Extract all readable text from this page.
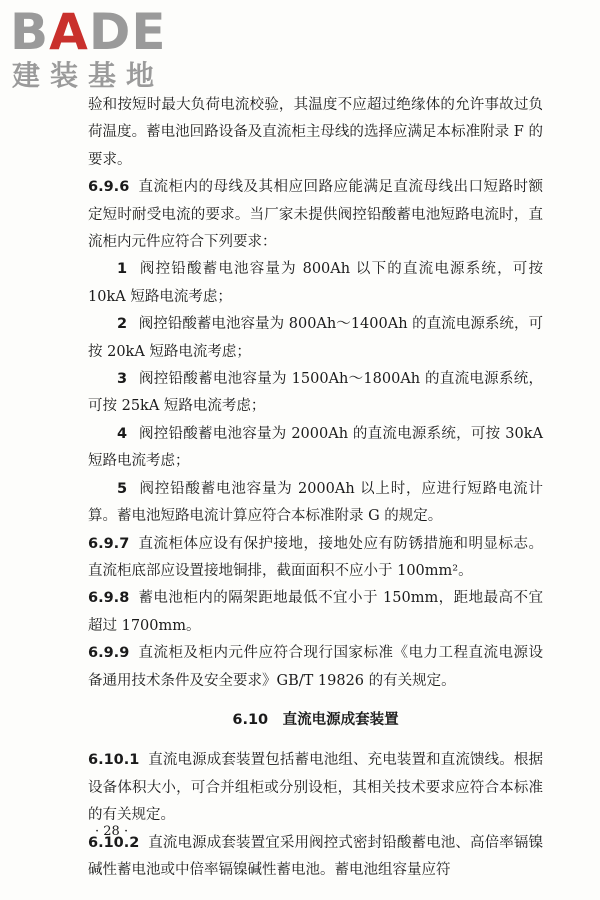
BADE
建装基地

验和按短时最大负荷电流校验，其温度不应超过绝缘体的允许事故过负荷温度。蓄电池回路设备及直流柜主母线的选择应满足本标准附录 F 的要求。

6.9.6 直流柜内的母线及其相应回路应能满足直流母线出口短路时额定短时耐受电流的要求。当厂家未提供阀控铅酸蓄电池短路电流时，直流柜内元件应符合下列要求：

1 阀控铅酸蓄电池容量为 800Ah 以下的直流电源系统，可按 10kA 短路电流考虑；

2 阀控铅酸蓄电池容量为 800Ah～1400Ah 的直流电源系统，可按 20kA 短路电流考虑；

3 阀控铅酸蓄电池容量为 1500Ah～1800Ah 的直流电源系统，可按 25kA 短路电流考虑；

4 阀控铅酸蓄电池容量为 2000Ah 的直流电源系统，可按 30kA 短路电流考虑；

5 阀控铅酸蓄电池容量为 2000Ah 以上时，应进行短路电流计算。蓄电池短路电流计算应符合本标准附录 G 的规定。

6.9.7 直流柜体应设有保护接地，接地处应有防锈措施和明显标志。直流柜底部应设置接地铜排，截面面积不应小于 100mm²。

6.9.8 蓄电池柜内的隔架距地最低不宜小于 150mm，距地最高不宜超过 1700mm。

6.9.9 直流柜及柜内元件应符合现行国家标准《电力工程直流电源设备通用技术条件及安全要求》GB/T 19826 的有关规定。

6.10　直流电源成套装置

6.10.1 直流电源成套装置包括蓄电池组、充电装置和直流馈线。根据设备体积大小，可合并组柜或分别设柜，其相关技术要求应符合本标准的有关规定。

6.10.2 直流电源成套装置宜采用阀控式密封铅酸蓄电池、高倍率镉镍碱性蓄电池或中倍率镉镍碱性蓄电池。蓄电池组容量应符

· 28 ·
